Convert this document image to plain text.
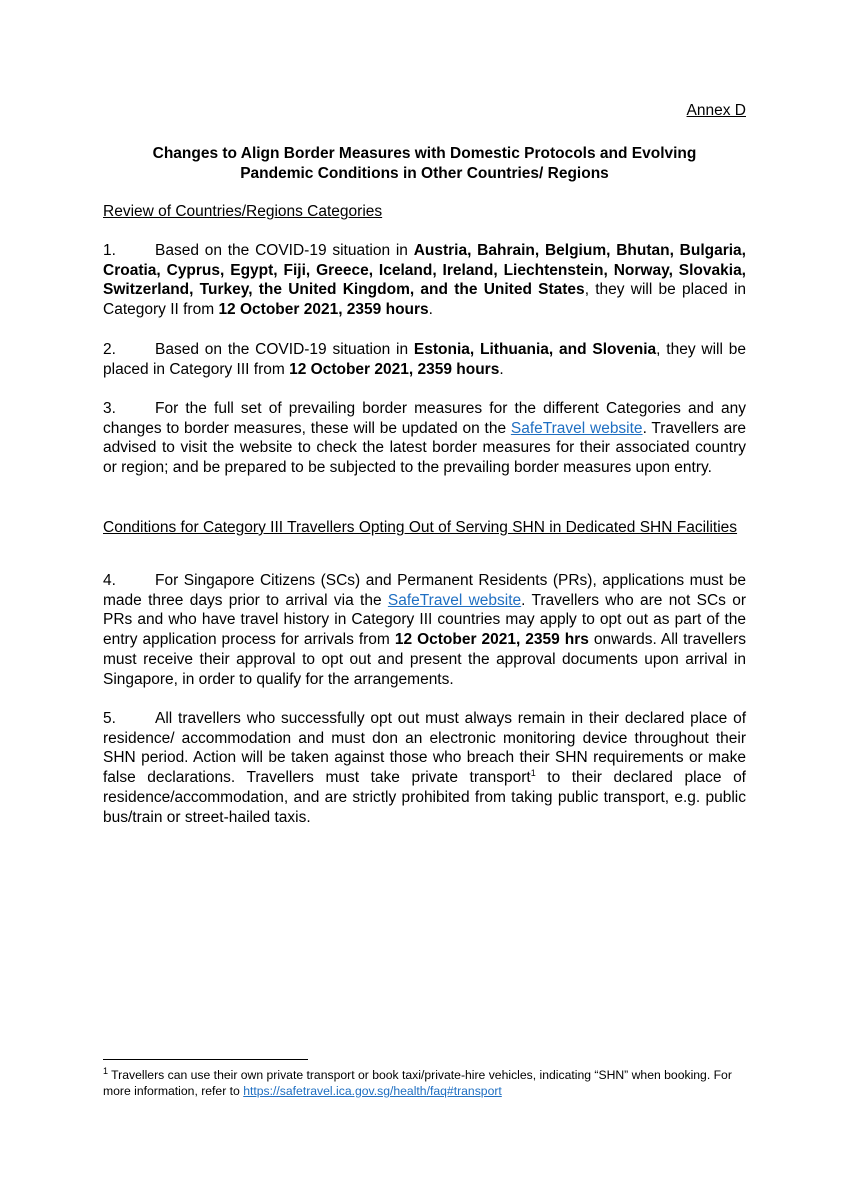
Annex D
Changes to Align Border Measures with Domestic Protocols and Evolving
Pandemic Conditions in Other Countries/ Regions
Review of Countries/Regions Categories
1.	Based on the COVID-19 situation in Austria, Bahrain, Belgium, Bhutan, Bulgaria, Croatia, Cyprus, Egypt, Fiji, Greece, Iceland, Ireland, Liechtenstein, Norway, Slovakia, Switzerland, Turkey, the United Kingdom, and the United States, they will be placed in Category II from 12 October 2021, 2359 hours.
2.	Based on the COVID-19 situation in Estonia, Lithuania, and Slovenia, they will be placed in Category III from 12 October 2021, 2359 hours.
3.	For the full set of prevailing border measures for the different Categories and any changes to border measures, these will be updated on the SafeTravel website. Travellers are advised to visit the website to check the latest border measures for their associated country or region; and be prepared to be subjected to the prevailing border measures upon entry.
Conditions for Category III Travellers Opting Out of Serving SHN in Dedicated SHN Facilities
4.	For Singapore Citizens (SCs) and Permanent Residents (PRs), applications must be made three days prior to arrival via the SafeTravel website. Travellers who are not SCs or PRs and who have travel history in Category III countries may apply to opt out as part of the entry application process for arrivals from 12 October 2021, 2359 hrs onwards. All travellers must receive their approval to opt out and present the approval documents upon arrival in Singapore, in order to qualify for the arrangements.
5.	All travellers who successfully opt out must always remain in their declared place of residence/ accommodation and must don an electronic monitoring device throughout their SHN period. Action will be taken against those who breach their SHN requirements or make false declarations. Travellers must take private transport$^1$ to their declared place of residence/accommodation, and are strictly prohibited from taking public transport, e.g. public bus/train or street-hailed taxis.
$^1$ Travellers can use their own private transport or book taxi/private-hire vehicles, indicating “SHN” when booking. For more information, refer to https://safetravel.ica.gov.sg/health/faq#transport
